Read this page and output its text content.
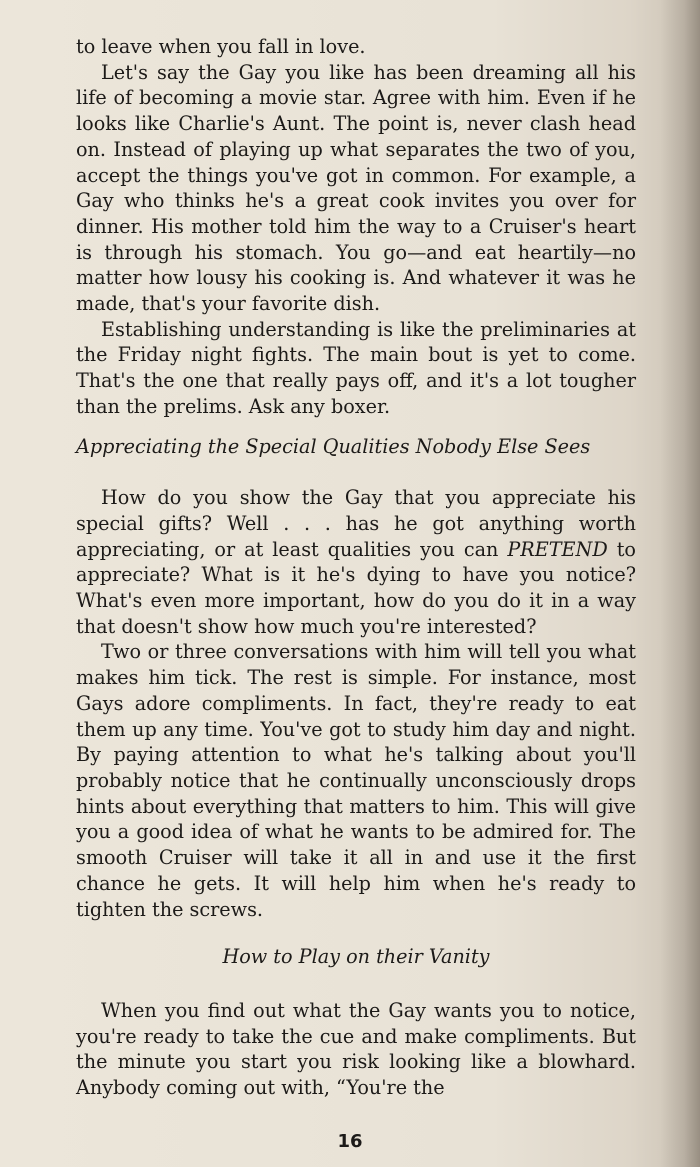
to leave when you fall in love.

Let's say the Gay you like has been dreaming all his life of becoming a movie star. Agree with him. Even if he looks like Charlie's Aunt. The point is, never clash head on. Instead of playing up what separates the two of you, accept the things you've got in common. For example, a Gay who thinks he's a great cook invites you over for dinner. His mother told him the way to a Cruiser's heart is through his stomach. You go—and eat heartily—no matter how lousy his cooking is. And whatever it was he made, that's your favorite dish.

Establishing understanding is like the preliminaries at the Friday night fights. The main bout is yet to come. That's the one that really pays off, and it's a lot tougher than the prelims. Ask any boxer.

Appreciating the Special Qualities Nobody Else Sees

How do you show the Gay that you appreciate his special gifts? Well . . . has he got anything worth appreciating, or at least qualities you can PRETEND to appreciate? What is it he's dying to have you notice? What's even more important, how do you do it in a way that doesn't show how much you're interested?

Two or three conversations with him will tell you what makes him tick. The rest is simple. For instance, most Gays adore compliments. In fact, they're ready to eat them up any time. You've got to study him day and night. By paying attention to what he's talking about you'll probably notice that he continually unconsciously drops hints about everything that matters to him. This will give you a good idea of what he wants to be admired for. The smooth Cruiser will take it all in and use it the first chance he gets. It will help him when he's ready to tighten the screws.

How to Play on their Vanity

When you find out what the Gay wants you to notice, you're ready to take the cue and make compliments. But the minute you start you risk looking like a blowhard. Anybody coming out with, “You're the

16
